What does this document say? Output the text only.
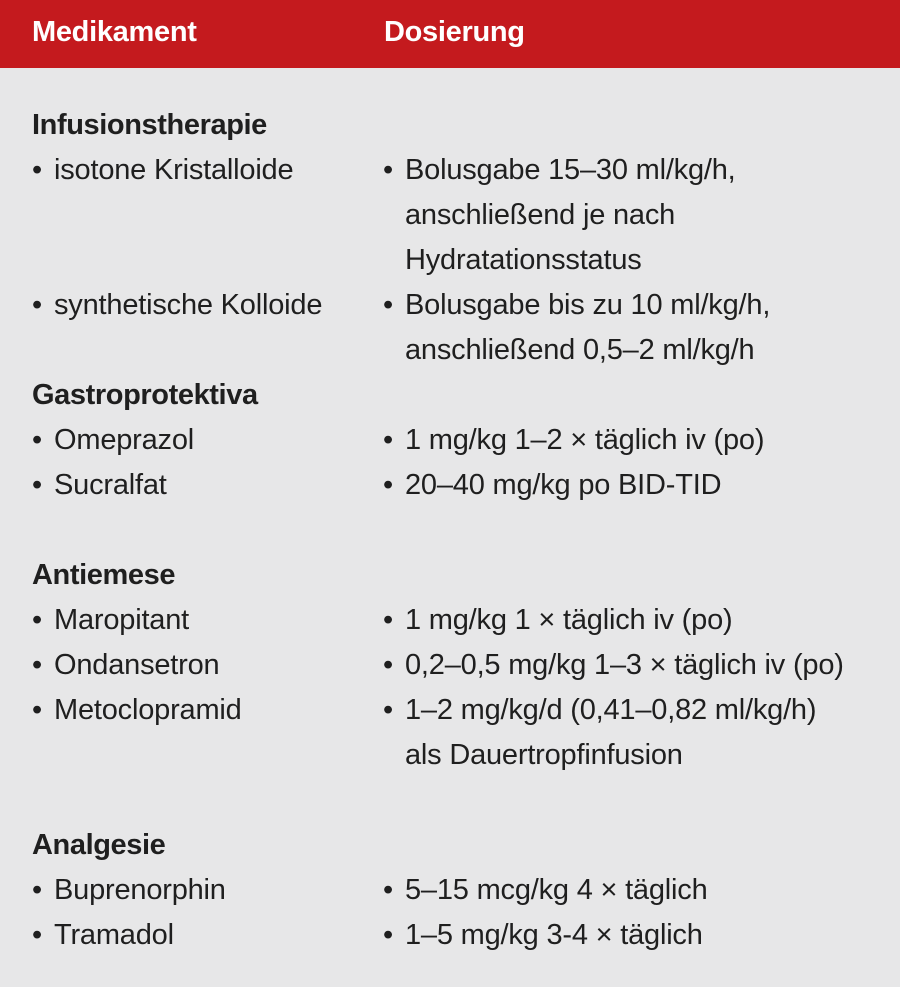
Medikament	Dosierung
Infusionstherapie
• isotone Kristalloide	• Bolusgabe 15–30 ml/kg/h,
anschließend je nach
Hydratationsstatus
• synthetische Kolloide • Bolusgabe bis zu 10 ml/kg/h,
anschließend 0,5–2 ml/kg/h
Gastroprotektiva
• Omeprazol	• 1 mg/kg 1–2 × täglich iv (po)
• Sucralfat	• 20–40 mg/kg po BID-TID
Antiemese
• Maropitant	• 1 mg/kg 1 × täglich iv (po)
• Ondansetron	• 0,2–0,5 mg/kg 1–3 × täglich iv (po)
• Metoclopramid	• 1–2 mg/kg/d (0,41–0,82 ml/kg/h)
als Dauertropfinfusion
Analgesie
• Buprenorphin	• 5–15 mcg/kg 4 × täglich
• Tramadol	• 1–5 mg/kg 3-4 × täglich
